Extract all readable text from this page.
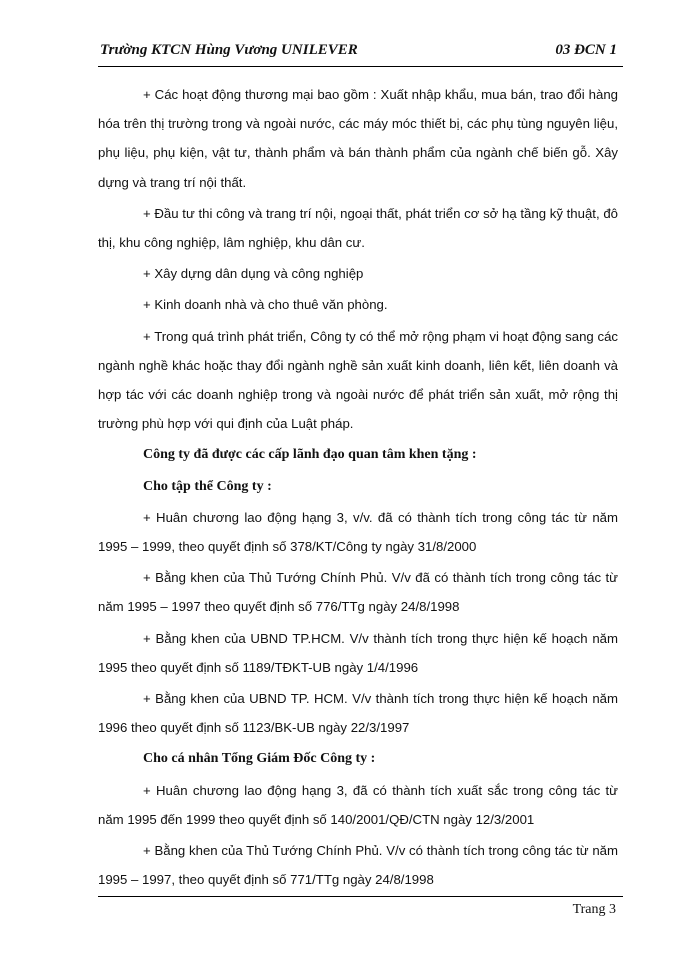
Trường KTCN Hùng Vương UNILEVER	03 ĐCN 1

+ Các hoạt động thương mại bao gồm : Xuất nhập khẩu, mua bán, trao đổi hàng hóa trên thị trường trong và ngoài nước, các máy móc thiết bị, các phụ tùng nguyên liệu, phụ liệu, phụ kiện, vật tư, thành phẩm và bán thành phẩm của ngành chế biến gỗ. Xây dựng và trang trí nội thất.

+ Đầu tư thi công và trang trí nội, ngoại thất, phát triển cơ sở hạ tầng kỹ thuật, đô thị, khu công nghiệp, lâm nghiệp, khu dân cư.

+ Xây dựng dân dụng và công nghiệp

+ Kinh doanh nhà và cho thuê văn phòng.

+ Trong quá trình phát triển, Công ty có thể mở rộng phạm vi hoạt động sang các ngành nghề khác hoặc thay đổi ngành nghề sản xuất kinh doanh, liên kết, liên doanh và hợp tác với các doanh nghiệp trong và ngoài nước để phát triển sản xuất, mở rộng thị trường phù hợp với qui định của Luật pháp.

Công ty đã được các cấp lãnh đạo quan tâm khen tặng :

Cho tập thể Công ty :

+ Huân chương lao động hạng 3, v/v. đã có thành tích trong công tác từ năm 1995 – 1999, theo quyết định số 378/KT/Công ty ngày 31/8/2000

+ Bằng khen của Thủ Tướng Chính Phủ. V/v đã có thành tích trong công tác từ năm 1995 – 1997 theo quyết định số 776/TTg ngày 24/8/1998

+ Bằng khen của UBND TP.HCM. V/v thành tích trong thực hiện kế hoạch năm 1995 theo quyết định số 1189/TĐKT-UB ngày 1/4/1996

+ Bằng khen của UBND TP. HCM. V/v thành tích trong thực hiện kế hoạch năm 1996 theo quyết định số 1123/BK-UB ngày 22/3/1997

Cho cá nhân Tổng Giám Đốc Công ty :

+ Huân chương lao động hạng 3, đã có thành tích xuất sắc trong công tác từ năm 1995 đến 1999 theo quyết định số 140/2001/QĐ/CTN ngày 12/3/2001

+ Bằng khen của Thủ Tướng Chính Phủ. V/v có thành tích trong công tác từ năm 1995 – 1997, theo quyết định số 771/TTg ngày 24/8/1998

Trang 3
